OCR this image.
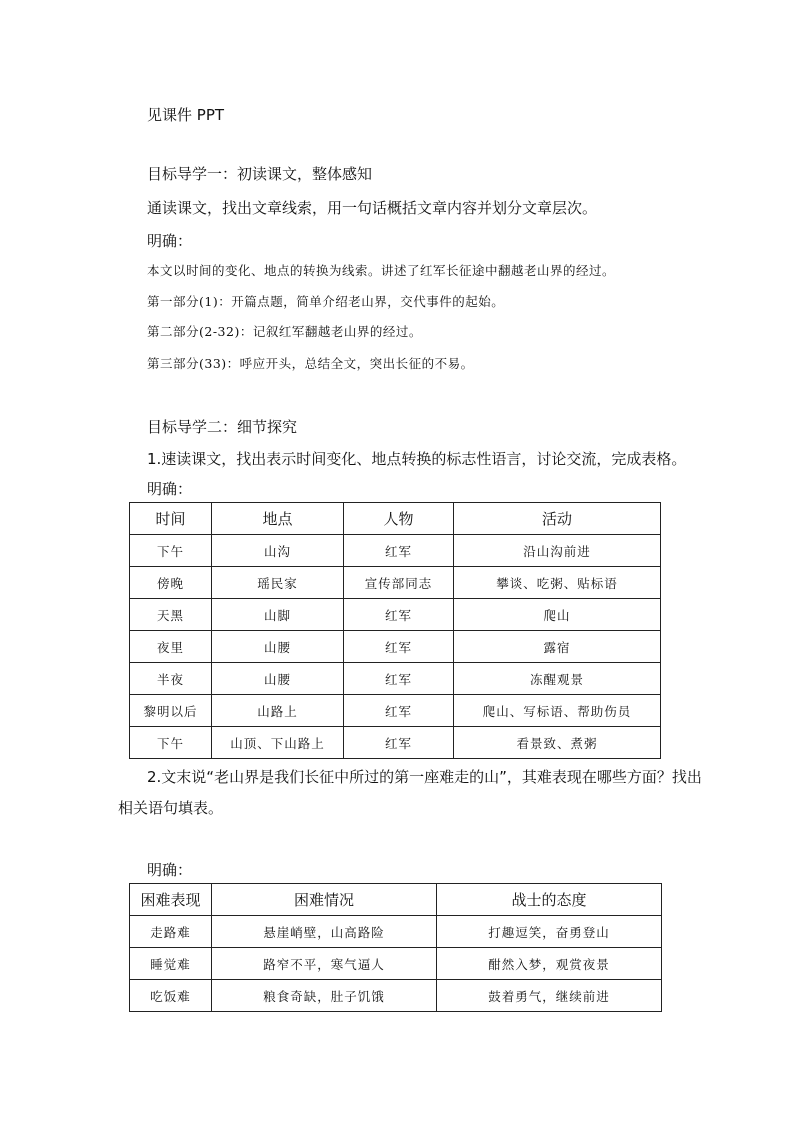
见课件 PPT
目标导学一：初读课文，整体感知
通读课文，找出文章线索，用一句话概括文章内容并划分文章层次。
明确：
本文以时间的变化、地点的转换为线索。讲述了红军长征途中翻越老山界的经过。
第一部分(1)：开篇点题，简单介绍老山界，交代事件的起始。
第二部分(2-32)：记叙红军翻越老山界的经过。
第三部分(33)：呼应开头，总结全文，突出长征的不易。
目标导学二：细节探究
1.速读课文，找出表示时间变化、地点转换的标志性语言，讨论交流，完成表格。
明确：
时间	地点	人物	活动
下午	山沟	红军	沿山沟前进
傍晚	瑶民家	宣传部同志	攀谈、吃粥、贴标语
天黑	山脚	红军	爬山
夜里	山腰	红军	露宿
半夜	山腰	红军	冻醒观景
黎明以后	山路上	红军	爬山、写标语、帮助伤员
下午	山顶、下山路上	红军	看景致、煮粥
2.文末说“老山界是我们长征中所过的第一座难走的山”，其难表现在哪些方面？找出
相关语句填表。
明确：
困难表现	困难情况	战士的态度
走路难	悬崖峭壁，山高路险	打趣逗笑，奋勇登山
睡觉难	路窄不平，寒气逼人	酣然入梦，观赏夜景
吃饭难	粮食奇缺，肚子饥饿	鼓着勇气，继续前进
